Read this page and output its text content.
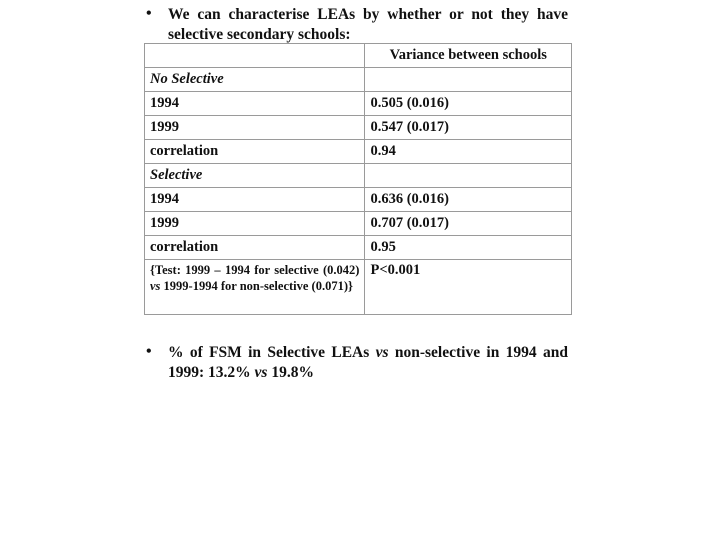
• We can characterise LEAs by whether or not they have selective secondary schools:
	Variance between schools
No Selective	
1994	0.505 (0.016)
1999	0.547 (0.017)
correlation	0.94
Selective	
1994	0.636 (0.016)
1999	0.707 (0.017)
correlation	0.95

{Test: 1999 – 1994 for selective (0.042) vs 1999-1994 for non-selective (0.071)}	P<0.001
• % of FSM in Selective LEAs vs non-selective in 1994 and 1999: 13.2% vs 19.8%
